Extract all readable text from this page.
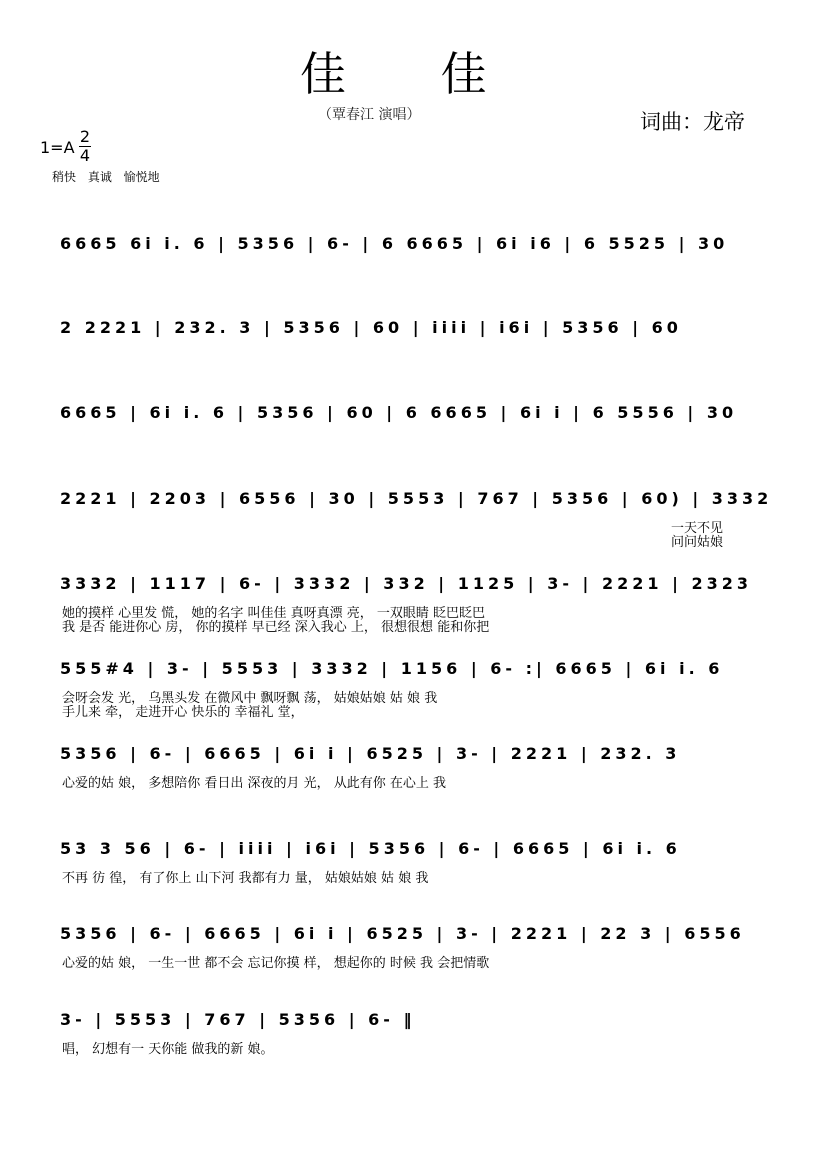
佳 佳
（覃春江 演唱）	词曲：龙帝
1=A
2
4
稍快 真诚 愉悦地
6665 6i i. 6 | 5356 | 6- | 6 6665 | 6i i6 | 6 5525 | 30
2 2221 | 232. 3 | 5356 | 60 | iiii | i6i | 5356 | 60
6665 | 6i i. 6 | 5356 | 60 | 6 6665 | 6i i | 6 5556 | 30
2221 | 2203 | 6556 | 30 | 5553 | 767 | 5356 | 60) | 3332
一天不见
问问姑娘
3332 | 1117 | 6- | 3332 | 332 | 1125 | 3- | 2221 | 2323
她的摸样 心里发 慌， 她的名字 叫佳佳 真呀真漂 亮， 一双眼睛 眨巴眨巴
我 是否 能进你心 房， 你的摸样 早已经 深入我心 上， 很想很想 能和你把
555#4 | 3- | 5553 | 3332 | 1156 | 6- :| 6665 | 6i i. 6
会呀会发 光， 乌黑头发 在微风中 飘呀飘 荡， 姑娘姑娘 姑 娘 我
手儿来 牵， 走进开心 快乐的 幸福礼 堂，
5356 | 6- | 6665 | 6i i | 6525 | 3- | 2221 | 232. 3
心爱的姑 娘， 多想陪你 看日出 深夜的月 光， 从此有你 在心上 我
53 3 56 | 6- | iiii | i6i | 5356 | 6- | 6665 | 6i i. 6
不再 彷 徨， 有了你上 山下河 我都有力 量， 姑娘姑娘 姑 娘 我
5356 | 6- | 6665 | 6i i | 6525 | 3- | 2221 | 22 3 | 6556
心爱的姑 娘， 一生一世 都不会 忘记你摸 样， 想起你的 时候 我 会把情歌
3- | 5553 | 767 | 5356 | 6- ‖
唱， 幻想有一 天你能 做我的新 娘。
